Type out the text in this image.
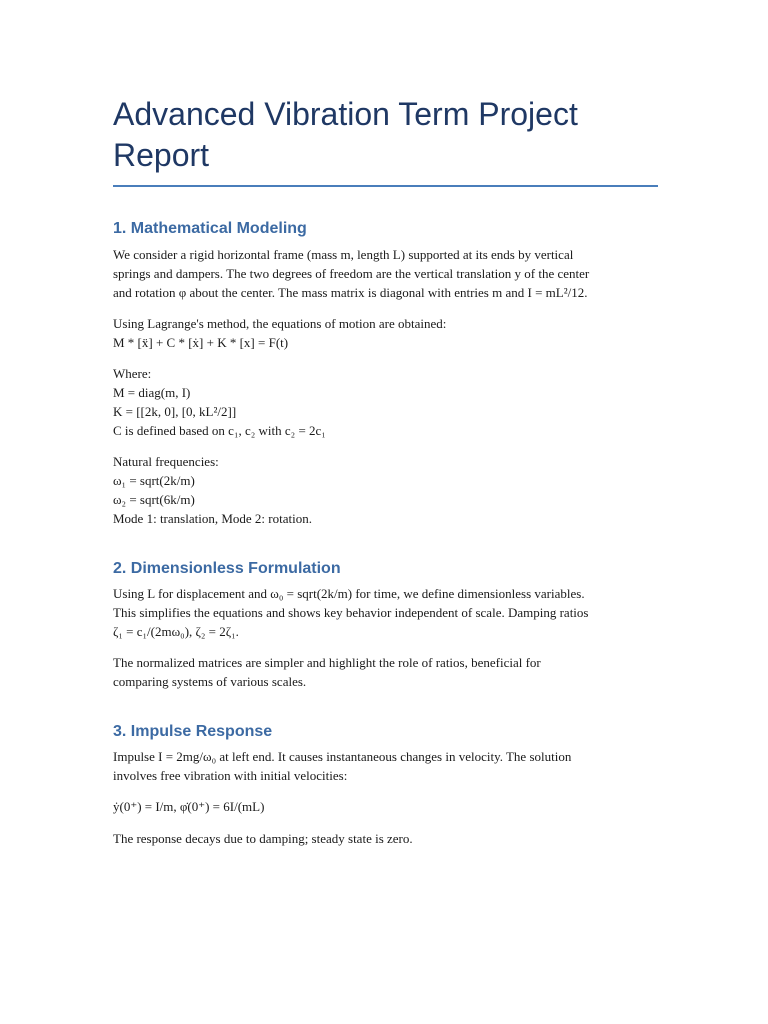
Advanced Vibration Term Project
Report
1. Mathematical Modeling

We consider a rigid horizontal frame (mass m, length L) supported at its ends by vertical
springs and dampers. The two degrees of freedom are the vertical translation y of the center
and rotation φ about the center. The mass matrix is diagonal with entries m and I = mL²/12.

Using Lagrange's method, the equations of motion are obtained:
M * [ẍ] + C * [ẋ] + K * [x] = F(t)

Where:
M = diag(m, I)
K = [[2k, 0], [0, kL²/2]]
C is defined based on c₁, c₂ with c₂ = 2c₁

Natural frequencies:
ω₁ = sqrt(2k/m)
ω₂ = sqrt(6k/m)
Mode 1: translation, Mode 2: rotation.

2. Dimensionless Formulation

Using L for displacement and ω₀ = sqrt(2k/m) for time, we define dimensionless variables.
This simplifies the equations and shows key behavior independent of scale. Damping ratios
ζ₁ = c₁/(2mω₀), ζ₂ = 2ζ₁.

The normalized matrices are simpler and highlight the role of ratios, beneficial for
comparing systems of various scales.

3. Impulse Response

Impulse I = 2mg/ω₀ at left end. It causes instantaneous changes in velocity. The solution
involves free vibration with initial velocities:

ẏ(0⁺) = I/m, φ̇(0⁺) = 6I/(mL)

The response decays due to damping; steady state is zero.
